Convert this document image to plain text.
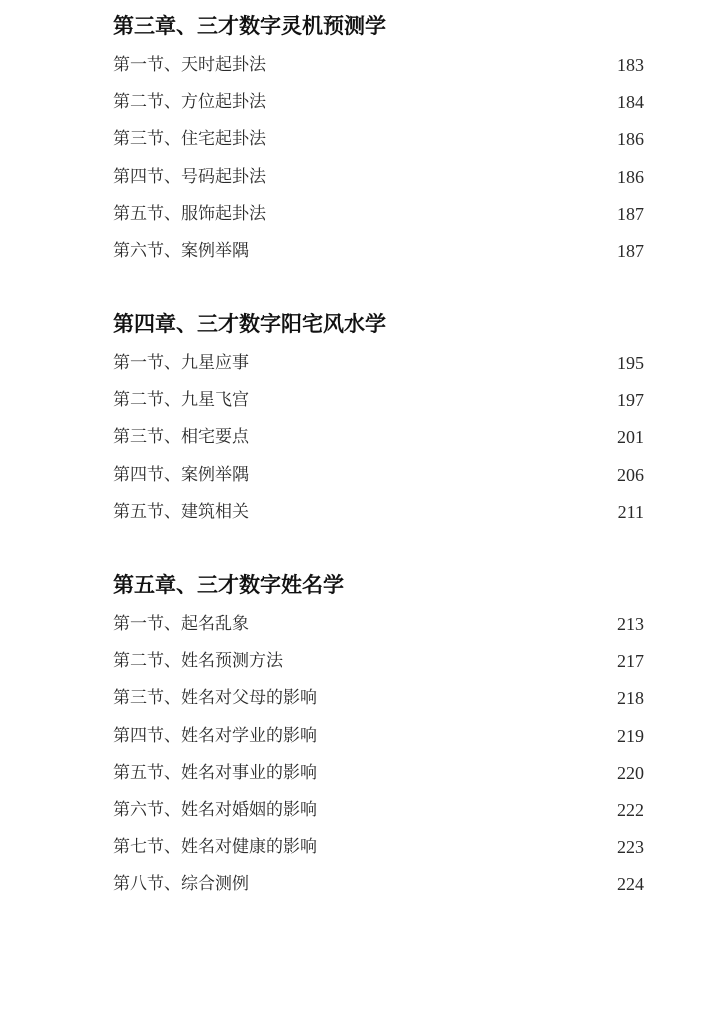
第三章、三才数字灵机预测学
第一节、天时起卦法	183
第二节、方位起卦法	184
第三节、住宅起卦法	186
第四节、号码起卦法	186
第五节、服饰起卦法	187
第六节、案例举隅	187
第四章、三才数字阳宅风水学
第一节、九星应事	195
第二节、九星飞宫	197
第三节、相宅要点	201
第四节、案例举隅	206
第五节、建筑相关	211
第五章、三才数字姓名学
第一节、起名乱象	213
第二节、姓名预测方法	217
第三节、姓名对父母的影响	218
第四节、姓名对学业的影响	219
第五节、姓名对事业的影响	220
第六节、姓名对婚姻的影响	222
第七节、姓名对健康的影响	223
第八节、综合测例	224
